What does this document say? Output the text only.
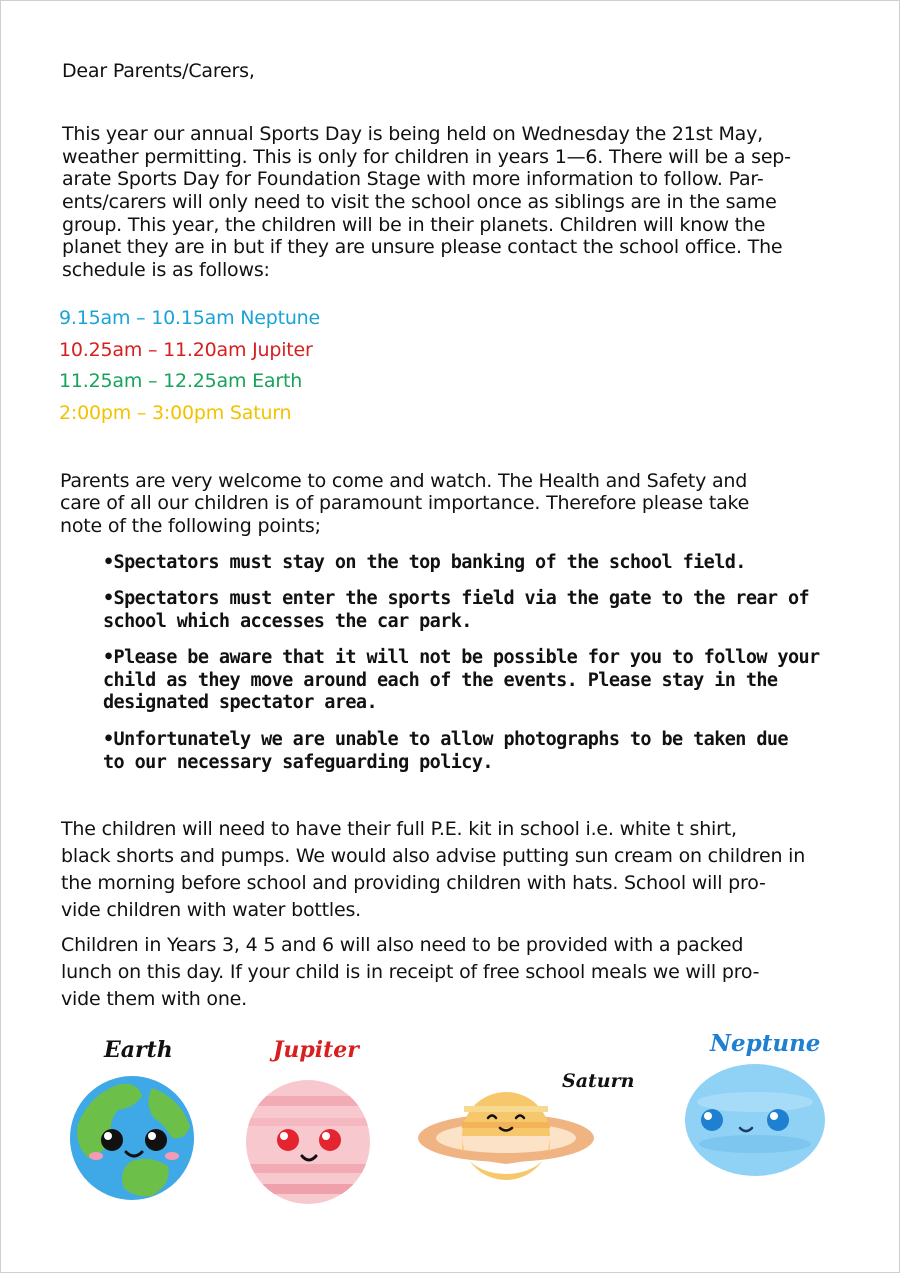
Dear Parents/Carers,

This year our annual Sports Day is being held on Wednesday the 21st May,

weather permitting. This is only for children in years 1—6. There will be a sep-

arate Sports Day for Foundation Stage with more information to follow. Par-

ents/carers will only need to visit the school once as siblings are in the same

group. This year, the children will be in their planets. Children will know the

planet they are in but if they are unsure please contact the school office. The

schedule is as follows:

9.15am – 10.15am Neptune

10.25am – 11.20am Jupiter

11.25am – 12.25am Earth

2:00pm – 3:00pm Saturn

Parents are very welcome to come and watch. The Health and Safety and

care of all our children is of paramount importance. Therefore please take

note of the following points;

•Spectators must stay on the top banking of the school field.

•Spectators must enter the sports field via the gate to the rear of

school which accesses the car park.

•Please be aware that it will not be possible for you to follow your

child as they move around each of the events. Please stay in the

designated spectator area.

•Unfortunately we are unable to allow photographs to be taken due

to our necessary safeguarding policy.

The children will need to have their full P.E. kit in school i.e. white t shirt,

black shorts and pumps. We would also advise putting sun cream on children in

the morning before school and providing children with hats. School will pro-

vide children with water bottles.

Children in Years 3, 4 5 and 6 will also need to be provided with a packed

lunch on this day. If your child is in receipt of free school meals we will pro-

vide them with one.

Earth	Jupiter
Saturn
Neptune
